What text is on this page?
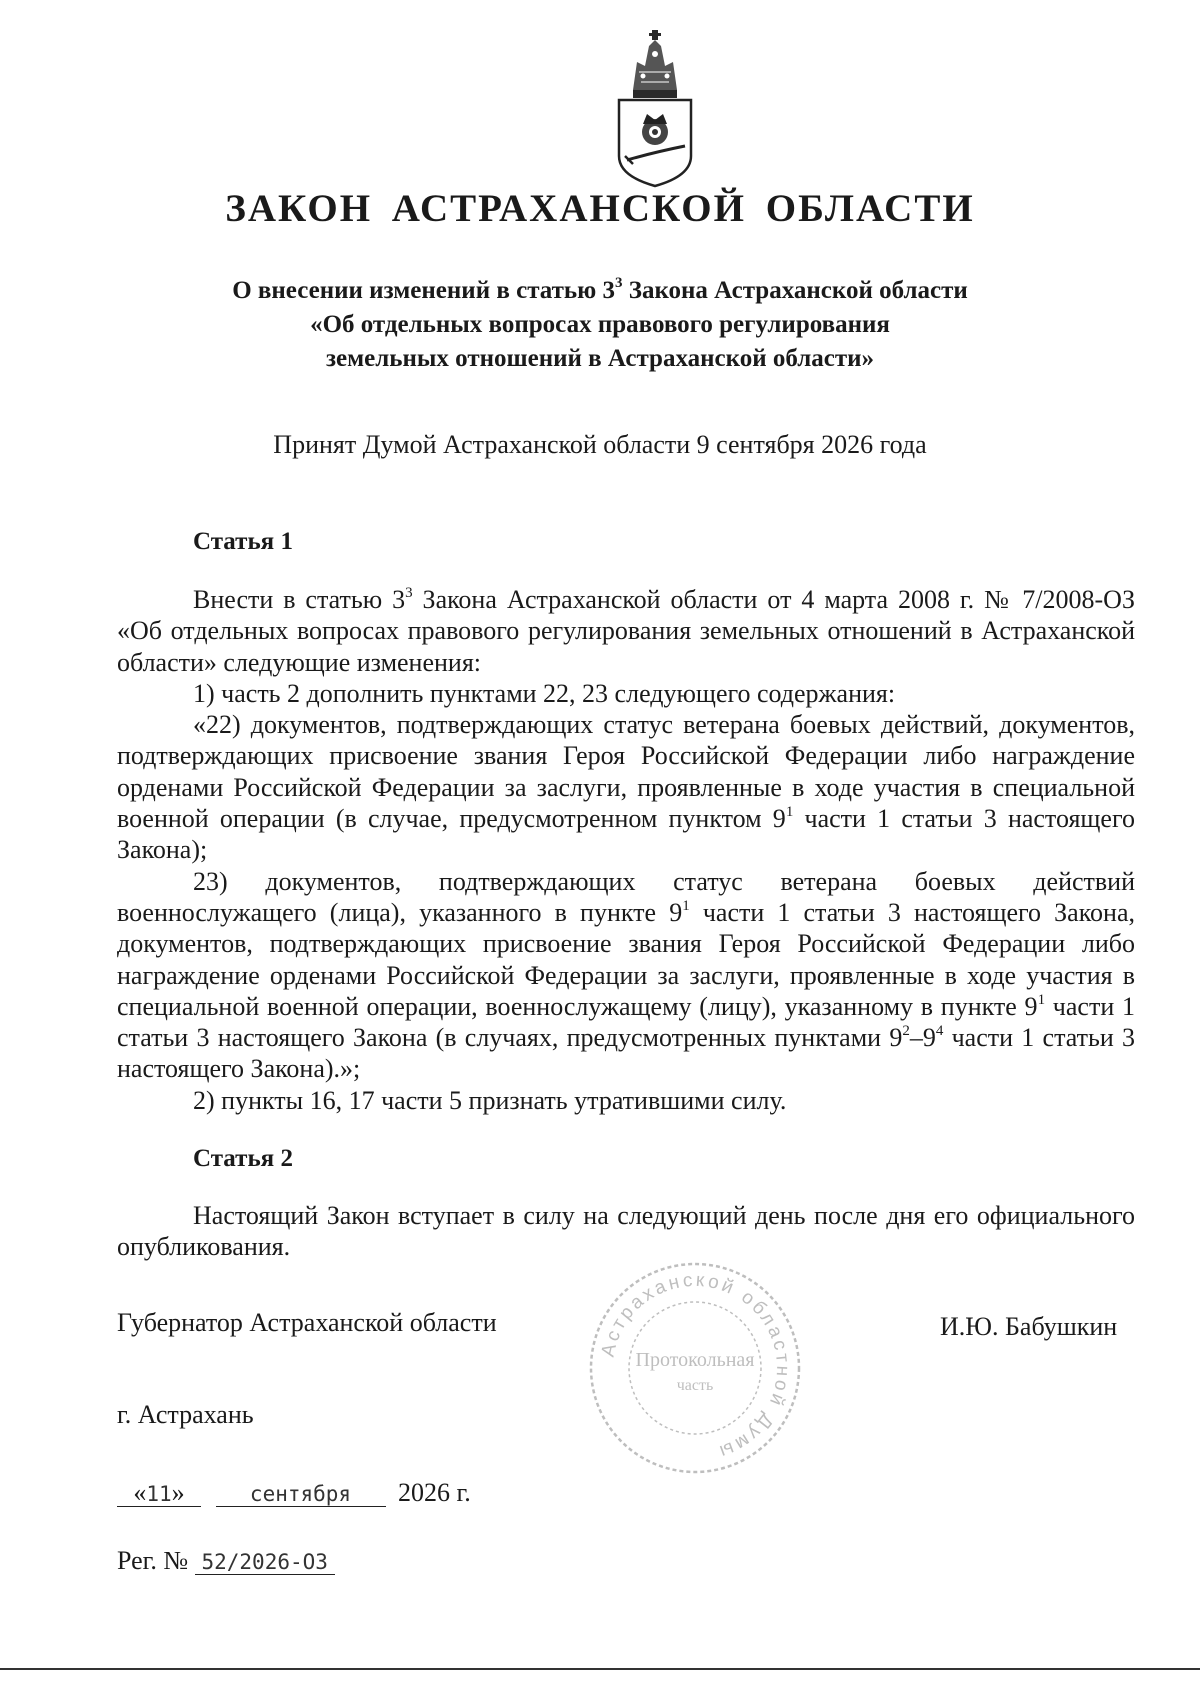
ЗАКОН АСТРАХАНСКОЙ ОБЛАСТИ
О внесении изменений в статью $3^3$ Закона Астраханской области
«Об отдельных вопросах правового регулирования
земельных отношений в Астраханской области»
Принят Думой Астраханской области 9 сентября 2026 года
Статья 1

Внести в статью $3^3$ Закона Астраханской области от 4 марта 2008 г. № 7/2008-ОЗ «Об отдельных вопросах правового регулирования земельных отношений в Астраханской области» следующие изменения:

1) часть 2 дополнить пунктами 22, 23 следующего содержания:

«22) документов, подтверждающих статус ветерана боевых действий, документов, подтверждающих присвоение звания Героя Российской Федерации либо награждение орденами Российской Федерации за заслуги, проявленные в ходе участия в специальной военной операции (в случае, предусмотренном пунктом $9^1$ части 1 статьи 3 настоящего Закона);

23) документов, подтверждающих статус ветерана боевых действий военнослужащего (лица), указанного в пункте $9^1$ части 1 статьи 3 настоящего Закона, документов, подтверждающих присвоение звания Героя Российской Федерации либо награждение орденами Российской Федерации за заслуги, проявленные в ходе участия в специальной военной операции, военнослужащему (лицу), указанному в пункте $9^1$ части 1 статьи 3 настоящего Закона (в случаях, предусмотренных пунктами $9^2-9^4$ части 1 статьи 3 настоящего Закона).»;

2) пункты 16, 17 части 5 признать утратившими силу.

Статья 2

Настоящий Закон вступает в силу на следующий день после дня его официального опубликования.

Губернатор Астраханской области	И.Ю. Бабушкин
Астраханской областной Думы
Протокольная
часть
г. Астрахань
«11»	сентября 2026 г.
Рег. № 52/2026-ОЗ
